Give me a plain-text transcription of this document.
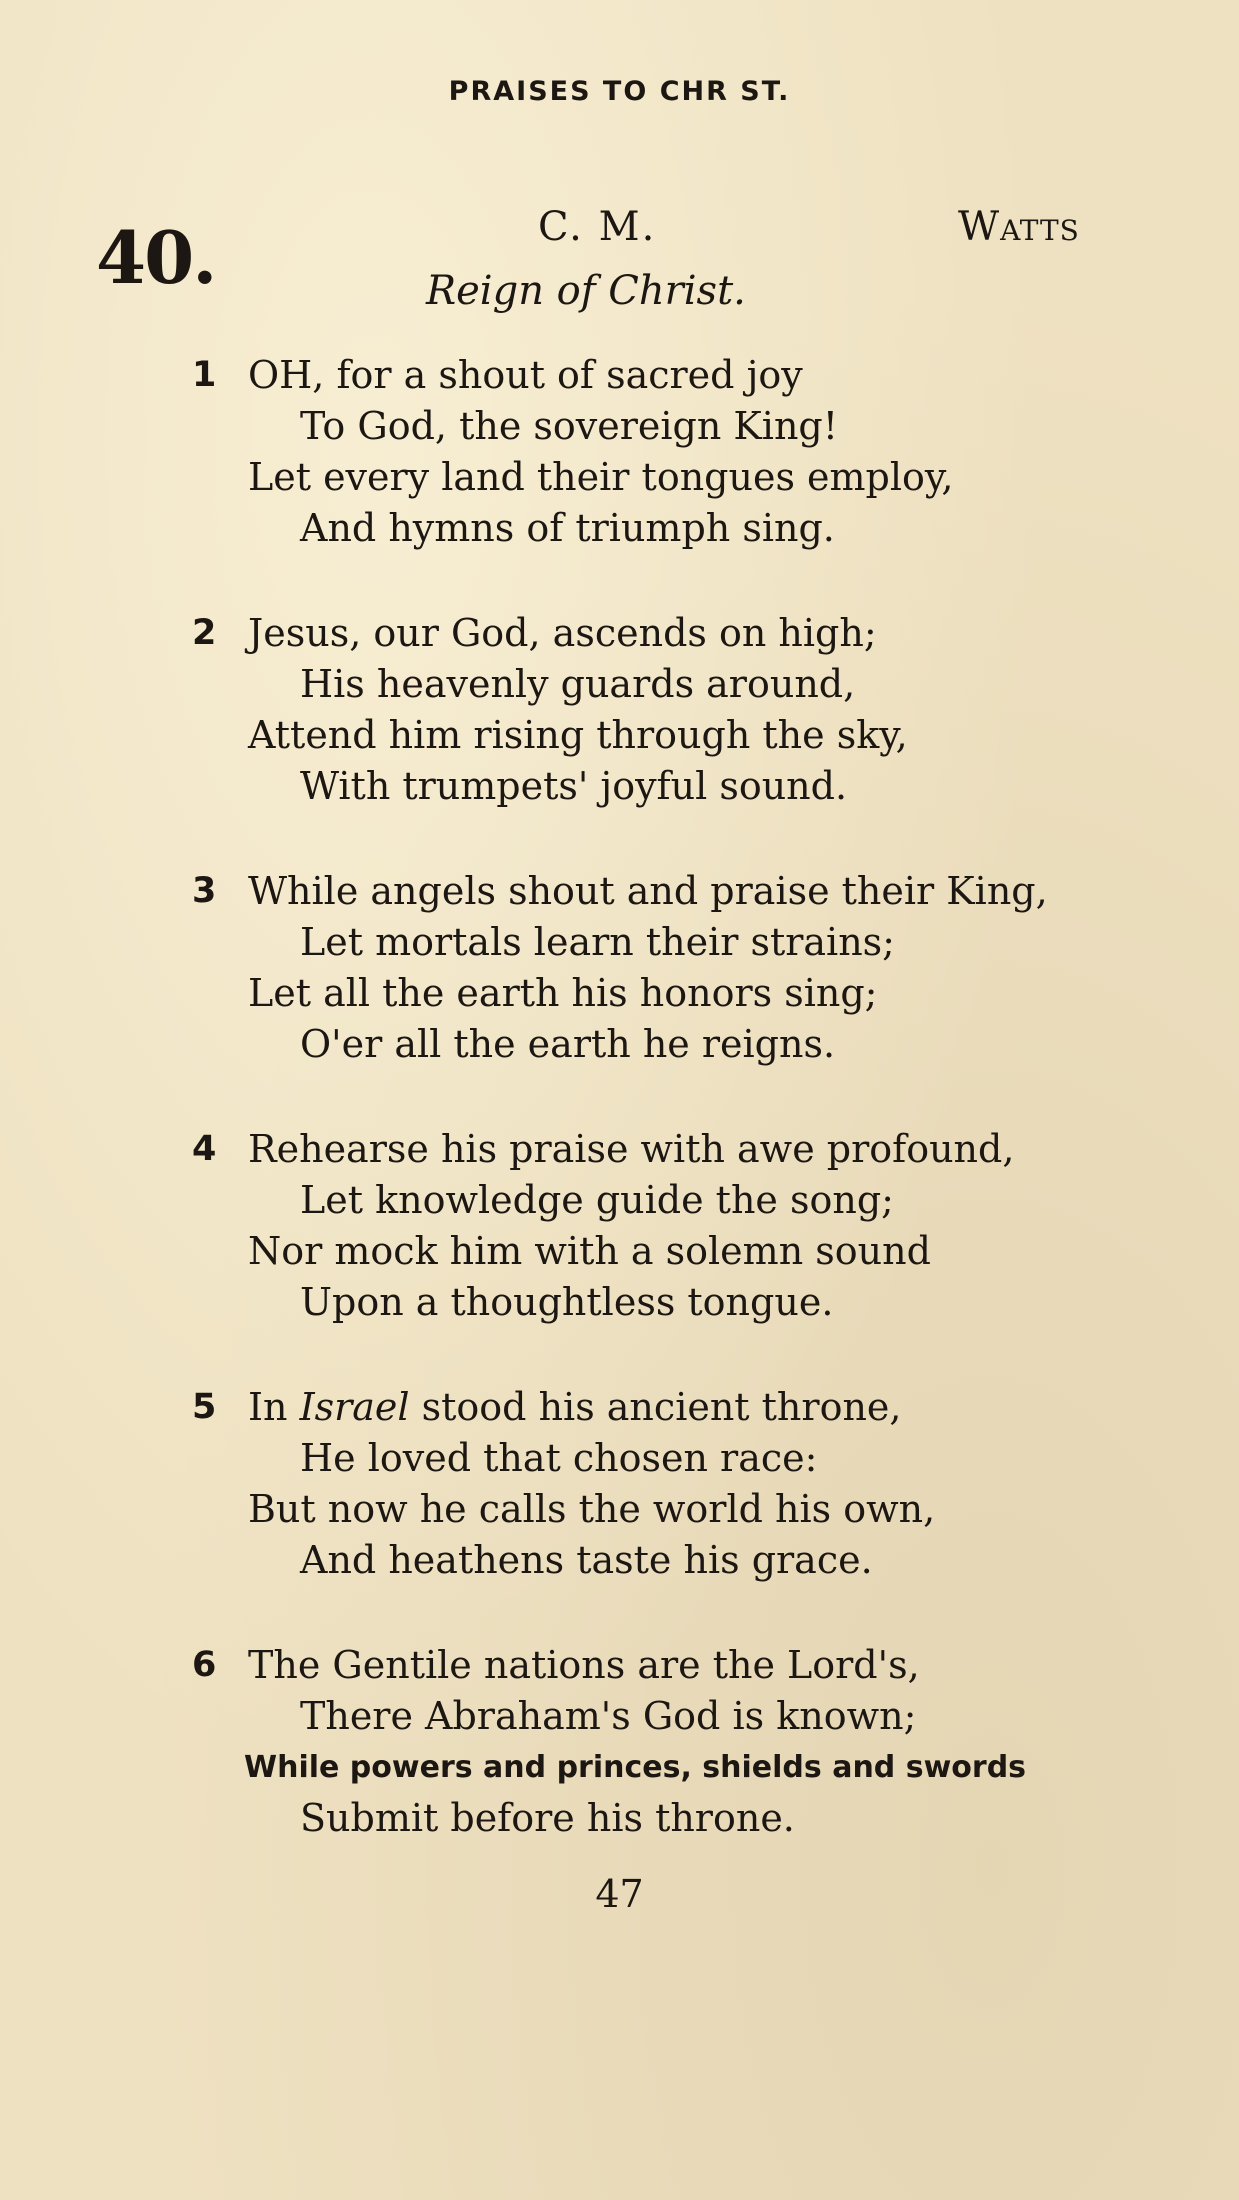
PRAISES TO CHR ST.
40.	C. M.	Watts
Reign of Christ.
1 OH, for a shout of sacred joy
To God, the sovereign King!
Let every land their tongues employ,
And hymns of triumph sing.
2 Jesus, our God, ascends on high;
His heavenly guards around,
Attend him rising through the sky,
With trumpets' joyful sound.
3 While angels shout and praise their King,
Let mortals learn their strains;
Let all the earth his honors sing;
O'er all the earth he reigns.
4 Rehearse his praise with awe profound,
Let knowledge guide the song;
Nor mock him with a solemn sound
Upon a thoughtless tongue.
5 In Israel stood his ancient throne,
He loved that chosen race:
But now he calls the world his own,
And heathens taste his grace.
6 The Gentile nations are the Lord's,
There Abraham's God is known;
While powers and princes, shields and swords
Submit before his throne.
47
